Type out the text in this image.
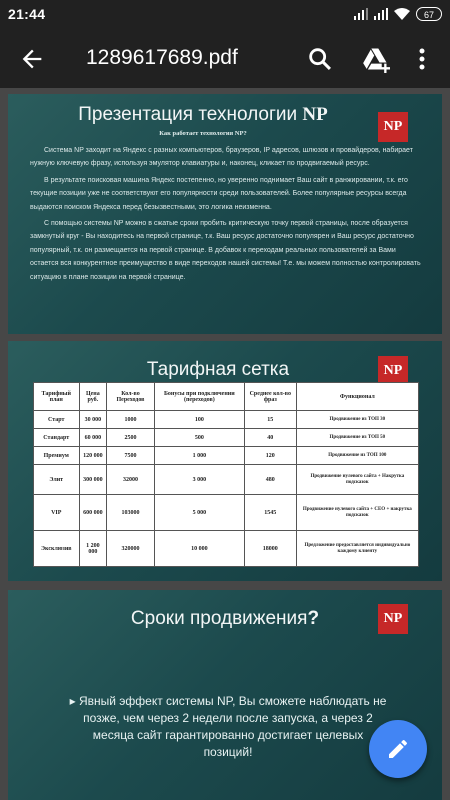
21:44	67
1289617689.pdf
Презентация технологии NP
NP
Как работает технология NP?

Система NP заходит на Яндекс с разных компьютеров, браузеров, IP адресов, шлюзов и провайдеров, набирает нужную ключевую фразу, используя эмулятор клавиатуры и, наконец, кликает по продвигаемый ресурс.

В результате поисковая машина Яндекс постепенно, но уверенно поднимает Ваш сайт в ранжировании, т.к. его текущие позиции уже не соответствуют его популярности среди пользователей. Более популярные ресурсы всегда выдаются поиском Яндекса перед безызвестными, это логика неизменна.

С помощью системы NP можно в сжатые сроки пробить критическую точку первой страницы, после образуется замкнутый круг - Вы находитесь на первой странице, т.к. Ваш ресурс достаточно популярен и Ваш ресурс достаточно популярный, т.к. он размещается на первой странице. В добавок к переходам реальных пользователей за Вами остается вся конкурентное преимущество в виде переходов нашей системы! Т.е. мы можем полностью контролировать ситуацию в плане позиции на первой странице.

Тарифная сетка	NP
Тарифный план	Цена руб.	Кол-во Переходов	Бонусы при подключении (переходов)	Среднее кол-во фраз	Функционал
Старт	30 000	1000	100	15	Продвижение из ТОП 30
Стандарт	60 000	2500	500	40	Продвижение из ТОП 50
Премиум	120 000	7500	1 000	120	Продвижение из ТОП 100
Элит	300 000	32000	3 000	480	Продвижение нулевого сайта + Накрутка подсказок
VIP	600 000	103000	5 000	1545	Продвижение нулевого сайта + СЕО + накрутка подсказок
Эксклюзив	1 200 000	320000	10 000	18000	Предложение предоставляется индивидуально каждому клиенту
Сроки продвижения?	NP
▸ Явный эффект системы NP, Вы сможете наблюдать не позже, чем через 2 недели после запуска, а через 2 месяца сайт гарантированно достигает целевых позиций!
